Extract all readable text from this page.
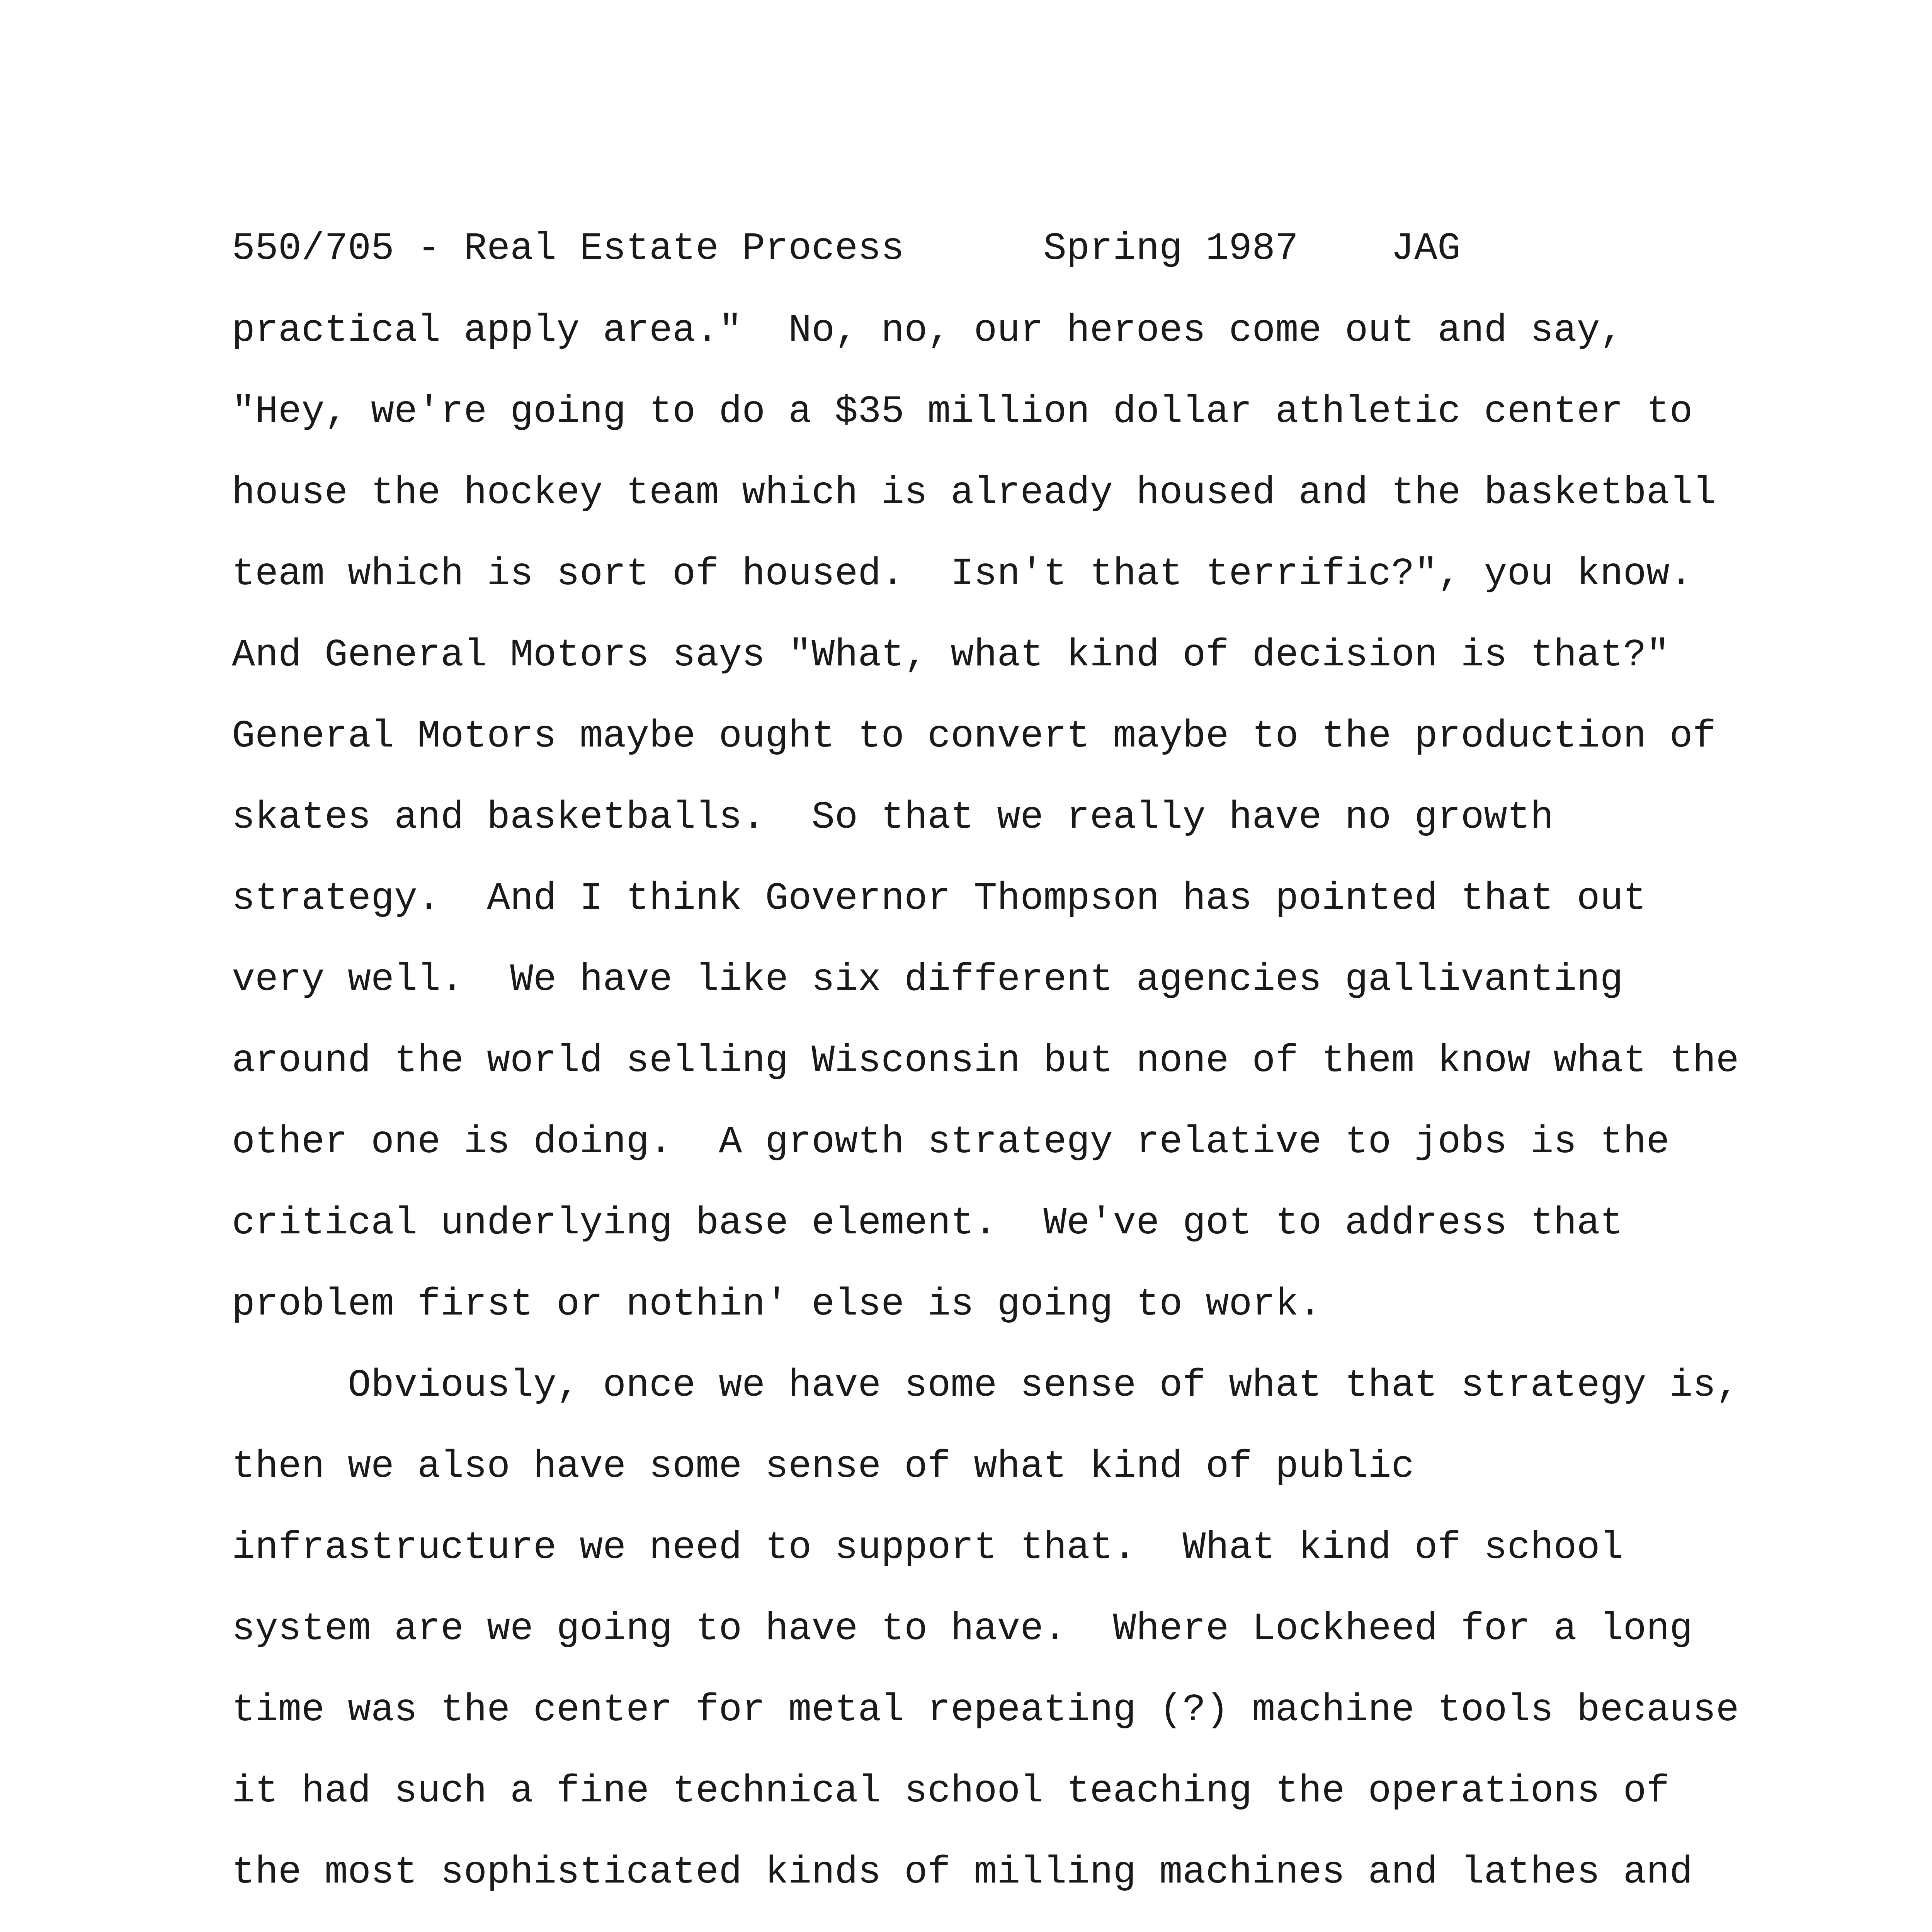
550/705 - Real Estate Process

	Spring 1987

JAG

practical apply area."  No, no, our heroes come out and say,
"Hey, we're going to do a $35 million dollar athletic center to
house the hockey team which is already housed and the basketball
team which is sort of housed.  Isn't that terrific?", you know.
And General Motors says "What, what kind of decision is that?"
General Motors maybe ought to convert maybe to the production of
skates and basketballs.  So that we really have no growth
strategy.  And I think Governor Thompson has pointed that out
very well.  We have like six different agencies gallivanting
around the world selling Wisconsin but none of them know what the
other one is doing.  A growth strategy relative to jobs is the
critical underlying base element.  We've got to address that
problem first or nothin' else is going to work.
Obviously, once we have some sense of what that strategy is,
then we also have some sense of what kind of public
infrastructure we need to support that.  What kind of school
system are we going to have to have.  Where Lockheed for a long
time was the center for metal repeating (?) machine tools because
it had such a fine technical school teaching the operations of
the most sophisticated kinds of milling machines and lathes and
